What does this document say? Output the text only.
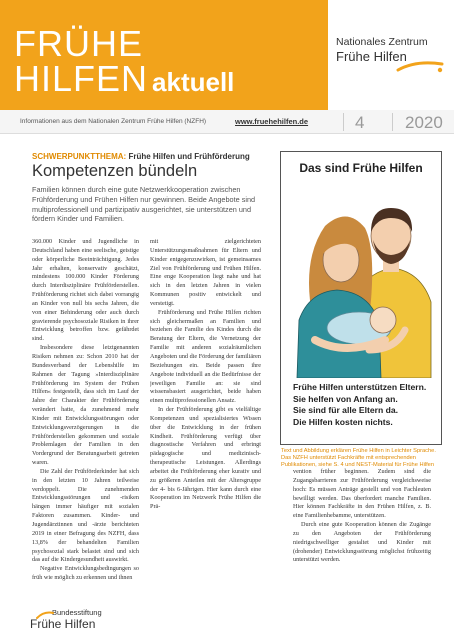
FRÜHE
HILFEN aktuell
Nationales Zentrum
Frühe Hilfen
Informationen aus dem Nationalen Zentrum Frühe Hilfen (NZFH)	www.fruehehilfen.de	4 2020
SCHWERPUNKTTHEMA: Frühe Hilfen und Frühförderung
Kompetenzen bündeln
Familien können durch eine gute Netzwerkkooperation zwischen Frühförderung und Frühen Hilfen nur gewinnen. Beide Angebote sind multiprofessionell und partizipativ ausgerichtet, sie unterstützen und fördern Kinder und Familien.

360.000 Kinder und Jugendliche in Deutschland haben eine seelische, geistige oder körperliche Beeinträchtigung. Jedes Jahr erhalten, konservativ geschätzt, mindestens 100.000 Kinder Förderung durch Interdisziplinäre Frühförderstellen. Frühförderung richtet sich dabei vorrangig an Kinder von null bis sechs Jahren, die von einer Behinderung oder auch durch gravierende psychosoziale Risiken in ihrer Entwicklung betroffen bzw. gefährdet sind.

Insbesondere diese letztgenannten Risiken nehmen zu: Schon 2010 hat der Bundesverband der Lebenshilfe im Rahmen der Tagung »Interdisziplinäre Frühförderung im System der Frühen Hilfen« festgestellt, dass sich im Lauf der Jahre der Charakter der Frühförderung verändert hatte, da zunehmend mehr Kinder mit Entwicklungsstörungen oder Entwicklungsverzögerungen in die Frühförderstellen gekommen und soziale Problemlagen der Familien in den Vordergrund der Beratungsarbeit getreten waren.

Die Zahl der Frühförderkinder hat sich in den letzten 10 Jahren teilweise verdoppelt. Die zunehmenden Entwicklungsstörungen und -risiken hängen immer häufiger mit sozialen Faktoren zusammen. Kinder- und Jugendärztinnen und -ärzte berichteten 2019 in einer Befragung des NZFH, dass 13,8% der behandelten Familien psychosozial stark belastet sind und sich das auf die Kindergesundheit auswirkt.

Negative Entwicklungsbedingungen so früh wie möglich zu erkennen und ihnen

mit zielgerichteten Unterstützungsmaßnahmen für Eltern und Kinder entgegenzuwirken, ist gemeinsames Ziel von Frühförderung und Frühen Hilfen. Eine enge Kooperation liegt nahe und hat sich in den letzten Jahren in vielen Kommunen positiv entwickelt und verstetigt.

Frühförderung und Frühe Hilfen richten sich gleichermaßen an Familien und beziehen die Familie des Kindes durch die Beratung der Eltern, die Vernetzung der Familie mit anderen sozialräumlichen Angeboten und die Förderung der familiären Beziehungen ein. Beide passen ihre Angebote individuell an die Bedürfnisse der jeweiligen Familie an: sie sind wissensbasiert ausgerichtet, beide haben einen multiprofessionellen Ansatz.

In der Frühförderung gibt es vielfältige Kompetenzen und spezialisiertes Wissen über die Entwicklung in der frühen Kindheit. Frühförderung verfügt über diagnostische Verfahren und erbringt pädagogische und medizinisch-therapeutische Leistungen. Allerdings arbeitet die Frühförderung eher kurativ und zu größeren Anteilen mit der Altersgruppe der 4- bis 6-Jährigen. Hier kann durch eine Kooperation im Netzwerk Frühe Hilfen die Prä-

Das sind Frühe Hilfen
Frühe Hilfen unterstützen Eltern.
Sie helfen von Anfang an.
Sie sind für alle Eltern da.
Die Hilfen kosten nichts.
Text und Abbildung erklären Frühe Hilfen in Leichter Sprache. Das NZFH unterstützt Fachkräfte mit entsprechenden Publikationen, siehe S. 4 und NEST-Material für Frühe Hilfen

vention früher beginnen. Zudem sind die Zugangsbarrieren zur Frühförderung vergleichsweise hoch: Es müssen Anträge gestellt und von Fachleuten bewilligt werden. Das überfordert manche Familien. Hier können Fachkräfte in den Frühen Hilfen, z. B. eine Familienhebamme, unterstützen.

Durch eine gute Kooperation können die Zugänge zu den Angeboten der Frühförderung niedrigschwelliger gestaltet und Kinder mit (drohender) Entwicklungsstörung möglichst frühzeitig unterstützt werden.

Bundesstiftung
Frühe Hilfen
